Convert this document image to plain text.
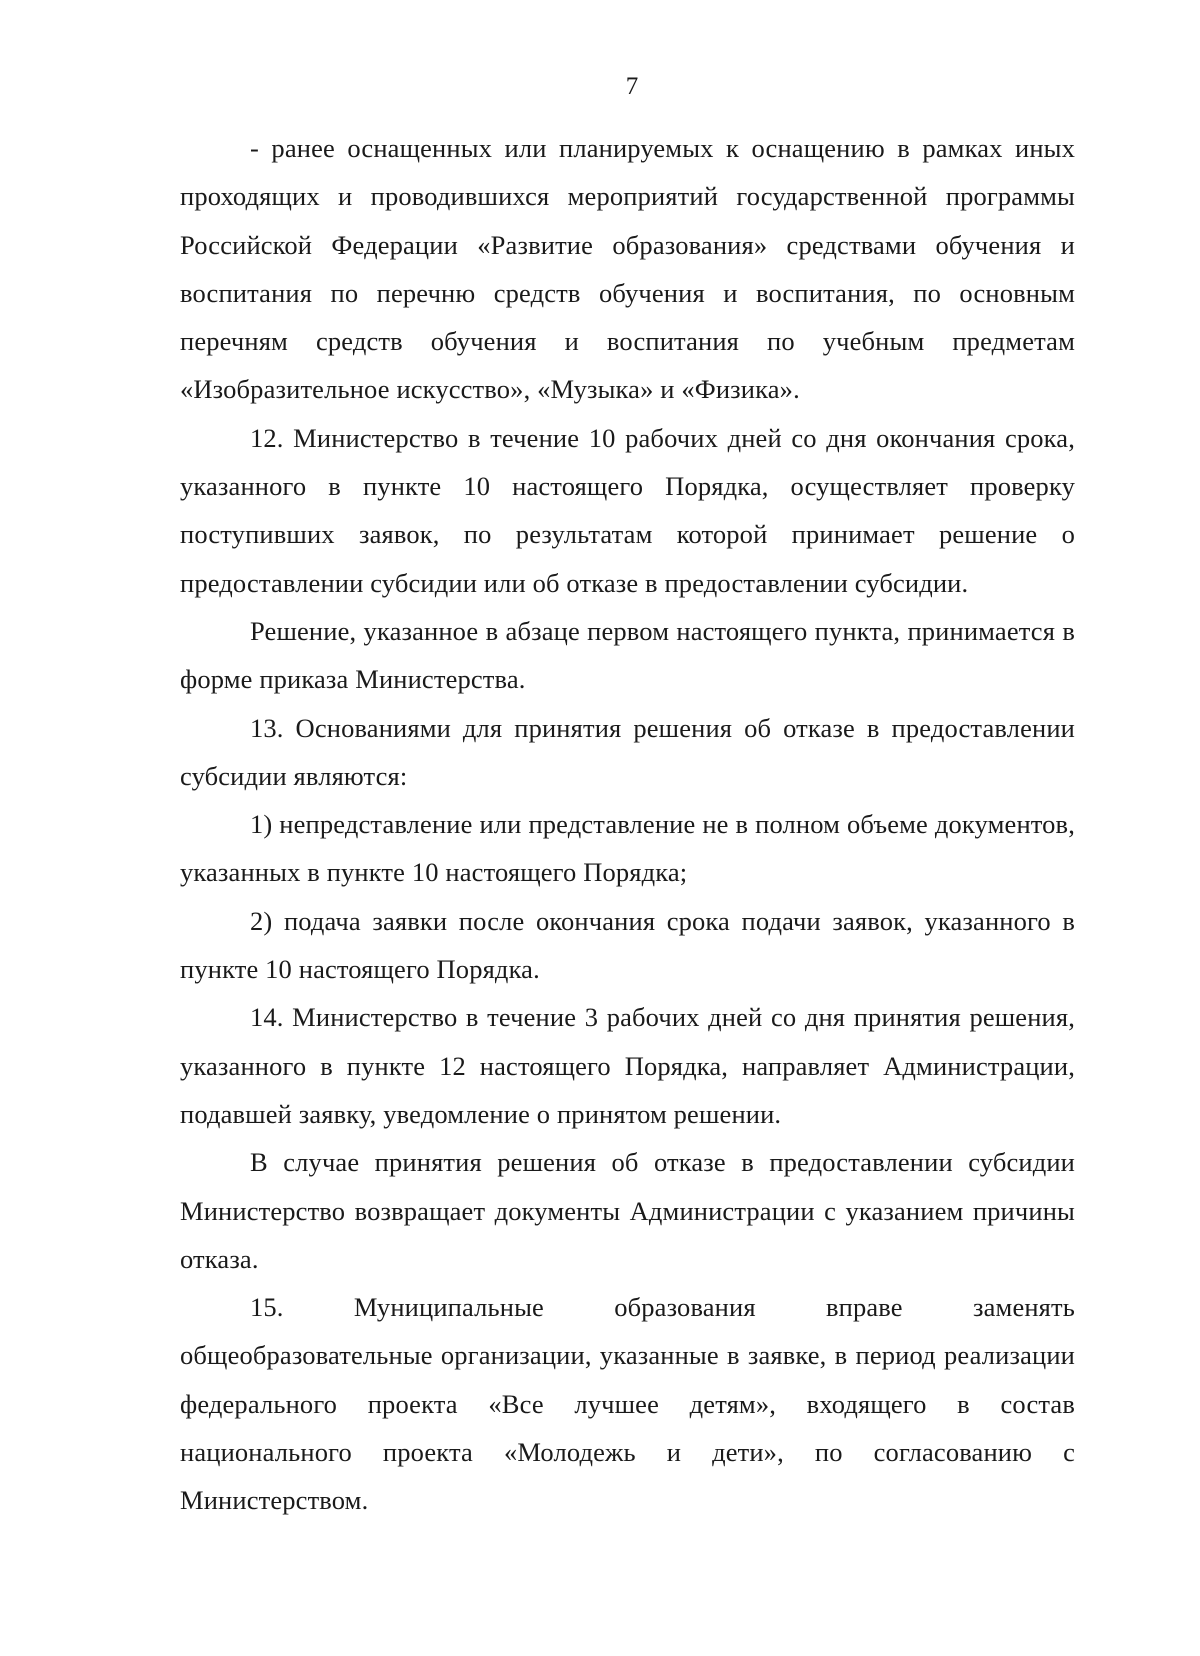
7

- ранее оснащенных или планируемых к оснащению в рамках иных проходящих и проводившихся мероприятий государственной программы Российской Федерации «Развитие образования» средствами обучения и воспитания по перечню средств обучения и воспитания, по основным перечням средств обучения и воспитания по учебным предметам «Изобразительное искусство», «Музыка» и «Физика».

12. Министерство в течение 10 рабочих дней со дня окончания срока, указанного в пункте 10 настоящего Порядка, осуществляет проверку поступивших заявок, по результатам которой принимает решение о предоставлении субсидии или об отказе в предоставлении субсидии.

Решение, указанное в абзаце первом настоящего пункта, принимается в форме приказа Министерства.

13. Основаниями для принятия решения об отказе в предоставлении субсидии являются:

1) непредставление или представление не в полном объеме документов, указанных в пункте 10 настоящего Порядка;

2) подача заявки после окончания срока подачи заявок, указанного в пункте 10 настоящего Порядка.

14. Министерство в течение 3 рабочих дней со дня принятия решения, указанного в пункте 12 настоящего Порядка, направляет Администрации, подавшей заявку, уведомление о принятом решении.

В случае принятия решения об отказе в предоставлении субсидии Министерство возвращает документы Администрации с указанием причины отказа.

15. Муниципальные образования вправе заменять общеобразовательные организации, указанные в заявке, в период реализации федерального проекта «Все лучшее детям», входящего в состав национального проекта «Молодежь и дети», по согласованию с Министерством.
